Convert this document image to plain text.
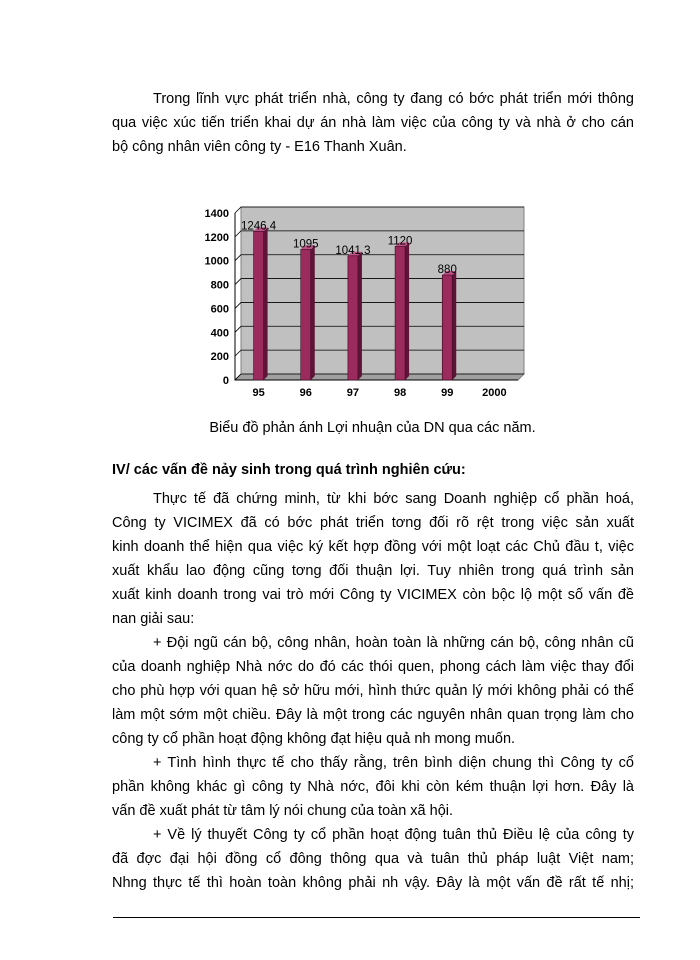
Trong lĩnh vực phát triển nhà, công ty đang có bớc phát triển mới thông
qua việc xúc tiến triển khai dự án nhà làm việc của công ty và nhà ở cho cán
bộ công nhân viên công ty - E16 Thanh Xuân.
0
200
400
600
800
1000
1200
1400
1246.4
95
1095
96
1041.3
97
1120
98
880
99	2000
Biểu đồ phản ánh Lợi nhuận của DN qua các năm.
IV/ các vấn đề nảy sinh trong quá trình nghiên cứu:
Thực tế đã chứng minh, từ khi bớc sang Doanh nghiệp cổ phần hoá,
Công ty VICIMEX đã có bớc phát triển tơng đối rõ rệt trong việc sản xuất
kinh doanh thể hiện qua việc ký kết hợp đồng với một loạt các Chủ đầu t, việc
xuất khẩu lao động cũng tơng đối thuận lợi. Tuy nhiên trong quá trình sản
xuất kinh doanh trong vai trò mới Công ty VICIMEX còn bộc lộ một số vấn đề
nan giải sau:
+ Đội ngũ cán bộ, công nhân, hoàn toàn là những cán bộ, công nhân cũ
của doanh nghiệp Nhà nớc do đó các thói quen, phong cách làm việc thay đổi
cho phù hợp với quan hệ sở hữu mới, hình thức quản lý mới không phải có thể
làm một sớm một chiều. Đây là một trong các nguyên nhân quan trọng làm cho
công ty cổ phần hoạt động không đạt hiệu quả nh mong muốn.
+ Tình hình thực tế cho thấy rằng, trên bình diện chung thì Công ty cổ
phần không khác gì công ty Nhà nớc, đôi khi còn kém thuận lợi hơn. Đây là
vấn đề xuất phát từ tâm lý nói chung của toàn xã hội.
+ Về lý thuyết Công ty cổ phần hoạt động tuân thủ Điều lệ của công ty
đã đợc đại hội đồng cổ đông thông qua và tuân thủ pháp luật Việt nam;
Nhng thực tế thì hoàn toàn không phải nh vậy. Đây là một vấn đề rất tế nhị;
